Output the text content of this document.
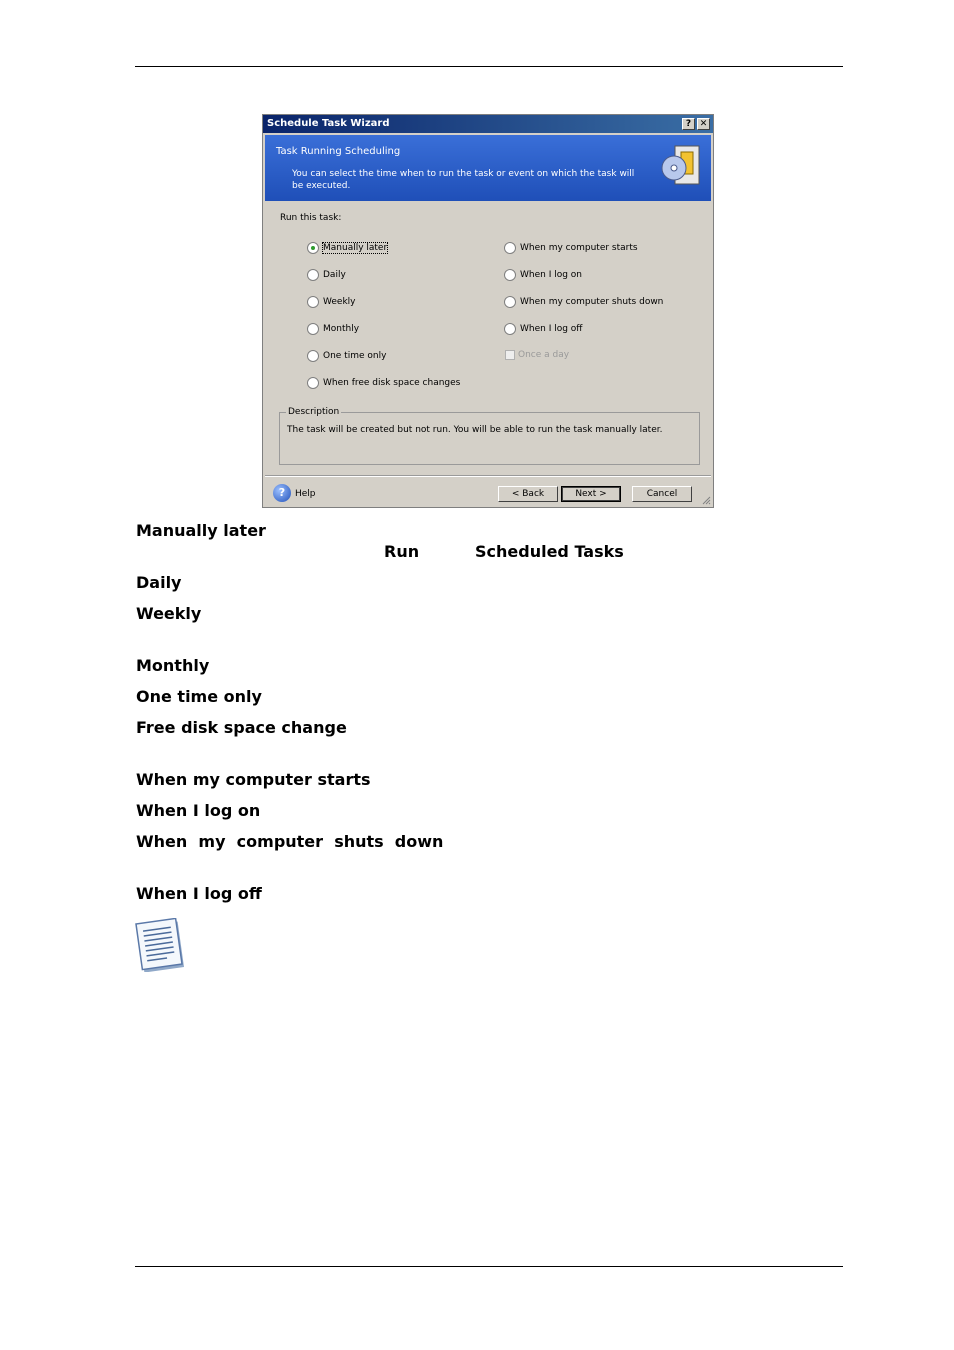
Schedule Task Wizard	? ✕
Task Running Scheduling
You can select the time when to run the task or event on which the task will be executed.
Run this task:
Manually later
Daily
Weekly
Monthly
One time only
When free disk space changes
When my computer starts
When I log on
When my computer shuts down
When I log off
Once a day
Description
The task will be created but not run. You will be able to run the task manually later.
?	Help	< Back	Next >	Cancel
Manually later
Run	Scheduled Tasks
Daily
Weekly
Monthly
One time only
Free disk space change
When my computer starts
When I log on
When  my  computer  shuts  down
When I log off
